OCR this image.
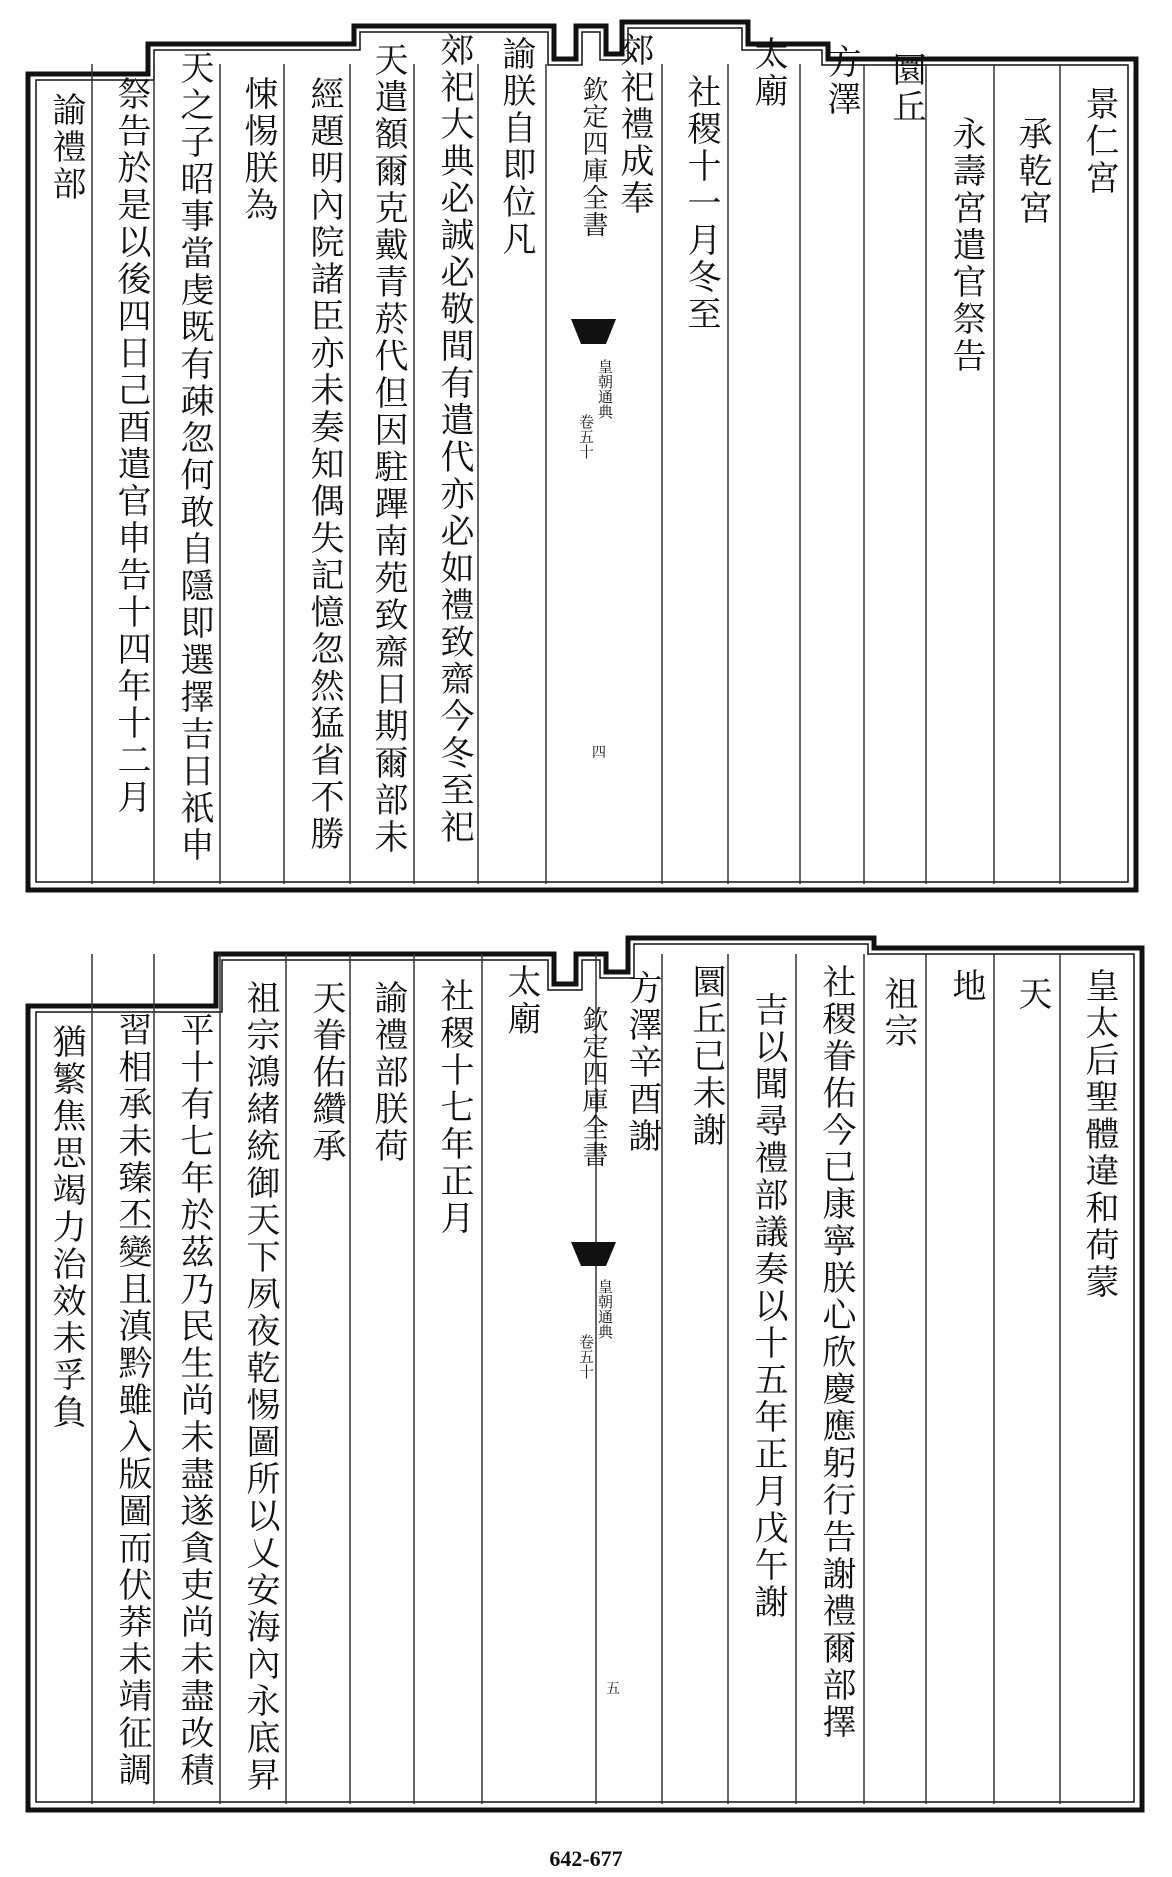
欽定四庫全書
皇朝通典
卷五十
四
景仁宮
承乾宮
永壽宮遣官祭告
圜丘
方澤
太廟
社稷十一月冬至
郊祀禮成奉
諭朕自即位凡
郊祀大典必誠必敬間有遣代亦必如禮致齋今冬至祀
天遣額爾克戴青菸代但因駐蹕南苑致齋日期爾部未
經題明內院諸臣亦未奏知偶失記憶忽然猛省不勝
悚惕朕為
天之子昭事當虔既有疎忽何敢自隱即選擇吉日祇申
祭告於是以後四日己酉遣官申告十四年十二月
諭禮部
欽定四庫全書
皇朝通典
卷五十
五
皇太后聖體違和荷蒙
天
地
祖宗
社稷眷佑今已康寧朕心欣慶應躬行告謝禮爾部擇
吉以聞尋禮部議奏以十五年正月戊午謝
圜丘已未謝
方澤辛酉謝
太廟
社稷十七年正月
諭禮部朕荷
天眷佑纘承
祖宗鴻緒統御天下夙夜乾惕圖所以乂安海內永底昇
平十有七年於茲乃民生尚未盡遂貪吏尚未盡改積
習相承未臻丕變且滇黔雖入版圖而伏莽未靖征調
猶繁焦思竭力治效未孚負
642-677
